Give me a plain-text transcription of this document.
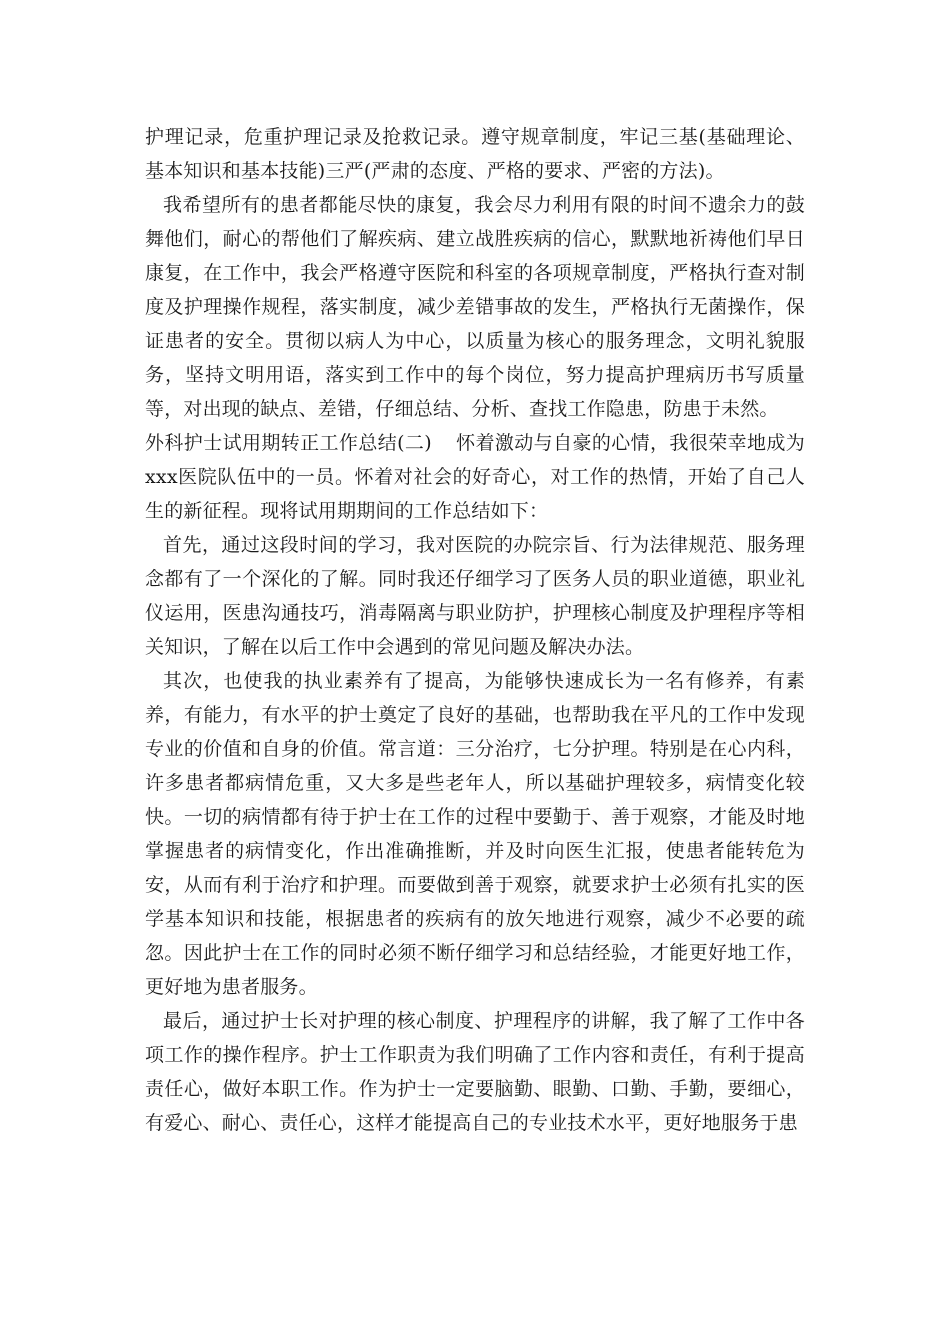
护理记录，危重护理记录及抢救记录。遵守规章制度，牢记三基(基础理论、基本知识和基本技能)三严(严肃的态度、严格的要求、严密的方法)。

我希望所有的患者都能尽快的康复，我会尽力利用有限的时间不遗余力的鼓舞他们，耐心的帮他们了解疾病、建立战胜疾病的信心，默默地祈祷他们早日康复，在工作中，我会严格遵守医院和科室的各项规章制度，严格执行查对制度及护理操作规程，落实制度，减少差错事故的发生，严格执行无菌操作，保证患者的安全。贯彻以病人为中心，以质量为核心的服务理念，文明礼貌服务，坚持文明用语，落实到工作中的每个岗位，努力提高护理病历书写质量等，对出现的缺点、差错，仔细总结、分析、查找工作隐患，防患于未然。

外科护士试用期转正工作总结(二) 怀着激动与自豪的心情，我很荣幸地成为xxx医院队伍中的一员。怀着对社会的好奇心，对工作的热情，开始了自己人生的新征程。现将试用期期间的工作总结如下：

首先，通过这段时间的学习，我对医院的办院宗旨、行为法律规范、服务理念都有了一个深化的了解。同时我还仔细学习了医务人员的职业道德，职业礼仪运用，医患沟通技巧，消毒隔离与职业防护，护理核心制度及护理程序等相关知识，了解在以后工作中会遇到的常见问题及解决办法。

其次，也使我的执业素养有了提高，为能够快速成长为一名有修养，有素养，有能力，有水平的护士奠定了良好的基础，也帮助我在平凡的工作中发现专业的价值和自身的价值。常言道：三分治疗，七分护理。特别是在心内科，许多患者都病情危重，又大多是些老年人，所以基础护理较多，病情变化较快。一切的病情都有待于护士在工作的过程中要勤于、善于观察，才能及时地掌握患者的病情变化，作出准确推断，并及时向医生汇报，使患者能转危为安，从而有利于治疗和护理。而要做到善于观察，就要求护士必须有扎实的医学基本知识和技能，根据患者的疾病有的放矢地进行观察，减少不必要的疏忽。因此护士在工作的同时必须不断仔细学习和总结经验，才能更好地工作，更好地为患者服务。

最后，通过护士长对护理的核心制度、护理程序的讲解，我了解了工作中各项工作的操作程序。护士工作职责为我们明确了工作内容和责任，有利于提高责任心，做好本职工作。作为护士一定要脑勤、眼勤、口勤、手勤，要细心，有爱心、耐心、责任心，这样才能提高自己的专业技术水平，更好地服务于患
